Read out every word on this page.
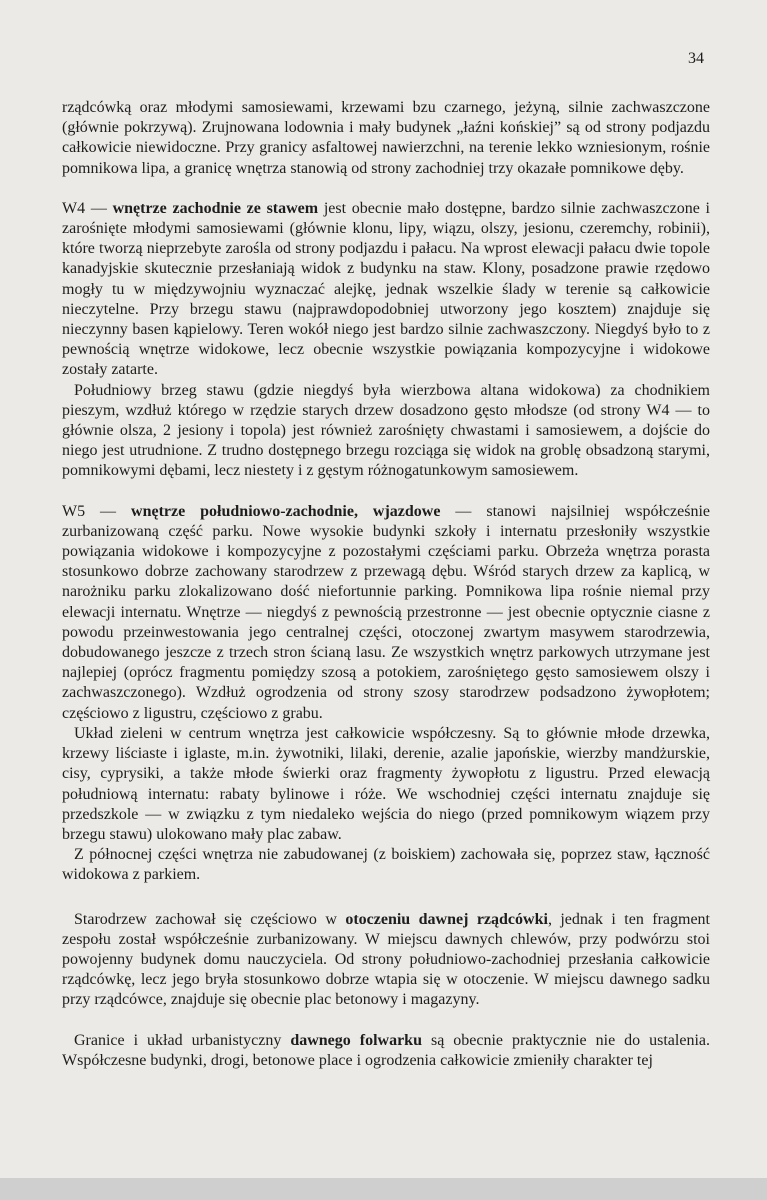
34

rządcówką oraz młodymi samosiewami, krzewami bzu czarnego, jeżyną, silnie zachwaszczone (głównie pokrzywą). Zrujnowana lodownia i mały budynek „łaźni końskiej” są od strony podjazdu całkowicie niewidoczne. Przy granicy asfaltowej nawierzchni, na terenie lekko wzniesionym, rośnie pomnikowa lipa, a granicę wnętrza stanowią od strony zachodniej trzy okazałe pomnikowe dęby.

W4 — wnętrze zachodnie ze stawem jest obecnie mało dostępne, bardzo silnie zachwaszczone i zarośnięte młodymi samosiewami (głównie klonu, lipy, wiązu, olszy, jesionu, czeremchy, robinii), które tworzą nieprzebyte zarośla od strony podjazdu i pałacu. Na wprost elewacji pałacu dwie topole kanadyjskie skutecznie przesłaniają widok z budynku na staw. Klony, posadzone prawie rzędowo mogły tu w międzywojniu wyznaczać alejkę, jednak wszelkie ślady w terenie są całkowicie nieczytelne. Przy brzegu stawu (najprawdopodobniej utworzony jego kosztem) znajduje się nieczynny basen kąpielowy. Teren wokół niego jest bardzo silnie zachwaszczony. Niegdyś było to z pewnością wnętrze widokowe, lecz obecnie wszystkie powiązania kompozycyjne i widokowe zostały zatarte.

Południowy brzeg stawu (gdzie niegdyś była wierzbowa altana widokowa) za chodnikiem pieszym, wzdłuż którego w rzędzie starych drzew dosadzono gęsto młodsze (od strony W4 — to głównie olsza, 2 jesiony i topola) jest również zarośnięty chwastami i samosiewem, a dojście do niego jest utrudnione. Z trudno dostępnego brzegu rozciąga się widok na groblę obsadzoną starymi, pomnikowymi dębami, lecz niestety i z gęstym różnogatunkowym samosiewem.

W5 — wnętrze południowo-zachodnie, wjazdowe — stanowi najsilniej współcześnie zurbanizowaną część parku. Nowe wysokie budynki szkoły i internatu przesłoniły wszystkie powiązania widokowe i kompozycyjne z pozostałymi częściami parku. Obrzeża wnętrza porasta stosunkowo dobrze zachowany starodrzew z przewagą dębu. Wśród starych drzew za kaplicą, w narożniku parku zlokalizowano dość niefortunnie parking. Pomnikowa lipa rośnie niemal przy elewacji internatu. Wnętrze — niegdyś z pewnością przestronne — jest obecnie optycznie ciasne z powodu przeinwestowania jego centralnej części, otoczonej zwartym masywem starodrzewia, dobudowanego jeszcze z trzech stron ścianą lasu. Ze wszystkich wnętrz parkowych utrzymane jest najlepiej (oprócz fragmentu pomiędzy szosą a potokiem, zarośniętego gęsto samosiewem olszy i zachwaszczonego). Wzdłuż ogrodzenia od strony szosy starodrzew podsadzono żywopłotem; częściowo z ligustru, częściowo z grabu.

Układ zieleni w centrum wnętrza jest całkowicie współczesny. Są to głównie młode drzewka, krzewy liściaste i iglaste, m.in. żywotniki, lilaki, derenie, azalie japońskie, wierzby mandżurskie, cisy, cyprysiki, a także młode świerki oraz fragmenty żywopłotu z ligustru. Przed elewacją południową internatu: rabaty bylinowe i róże. We wschodniej części internatu znajduje się przedszkole — w związku z tym niedaleko wejścia do niego (przed pomnikowym wiązem przy brzegu stawu) ulokowano mały plac zabaw.

Z północnej części wnętrza nie zabudowanej (z boiskiem) zachowała się, poprzez staw, łączność widokowa z parkiem.

Starodrzew zachował się częściowo w otoczeniu dawnej rządcówki, jednak i ten fragment zespołu został współcześnie zurbanizowany. W miejscu dawnych chlewów, przy podwórzu stoi powojenny budynek domu nauczyciela. Od strony południowo-zachodniej przesłania całkowicie rządcówkę, lecz jego bryła stosunkowo dobrze wtapia się w otoczenie. W miejscu dawnego sadku przy rządcówce, znajduje się obecnie plac betonowy i magazyny.

Granice i układ urbanistyczny dawnego folwarku są obecnie praktycznie nie do ustalenia. Współczesne budynki, drogi, betonowe place i ogrodzenia całkowicie zmieniły charakter tej
